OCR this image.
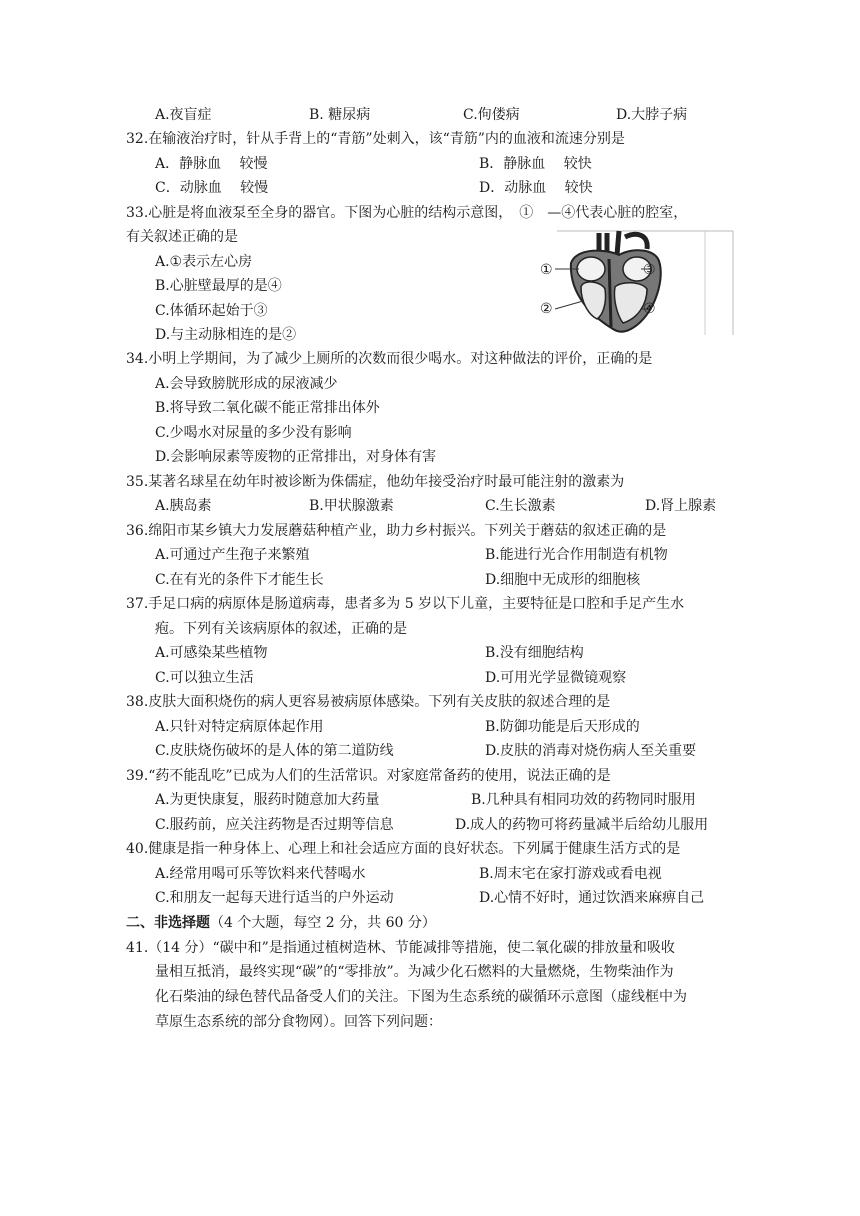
A.夜盲症	B. 糖尿病	C.佝偻病	D.大脖子病
32.在输液治疗时，针从手背上的“青筋”处刺入，该“青筋”内的血液和流速分别是
A．静脉血　 较慢	B．静脉血　 较快
C．动脉血　 较慢	D．动脉血　 较快
33.心脏是将血液泵至全身的器官。下图为心脏的结构示意图，　①　—④代表心脏的腔室，
有关叙述正确的是
A.①表示左心房
B.心脏壁最厚的是④
C.体循环起始于③
D.与主动脉相连的是②
①
②
③
④
34.小明上学期间，为了减少上厕所的次数而很少喝水。对这种做法的评价，正确的是
A.会导致膀胱形成的尿液减少
B.将导致二氧化碳不能正常排出体外
C.少喝水对尿量的多少没有影响
D.会影响尿素等废物的正常排出，对身体有害
35.某著名球星在幼年时被诊断为侏儒症，他幼年接受治疗时最可能注射的激素为
A.胰岛素	B.甲状腺激素	C.生长激素	D.肾上腺素
36.绵阳市某乡镇大力发展蘑菇种植产业，助力乡村振兴。下列关于蘑菇的叙述正确的是
A.可通过产生孢子来繁殖	B.能进行光合作用制造有机物
C.在有光的条件下才能生长	D.细胞中无成形的细胞核
37.手足口病的病原体是肠道病毒，患者多为 5 岁以下儿童，主要特征是口腔和手足产生水
疱。下列有关该病原体的叙述，正确的是
A.可感染某些植物	B.没有细胞结构
C.可以独立生活	D.可用光学显微镜观察
38.皮肤大面积烧伤的病人更容易被病原体感染。下列有关皮肤的叙述合理的是
A.只针对特定病原体起作用	B.防御功能是后天形成的
C.皮肤烧伤破坏的是人体的第二道防线	D.皮肤的消毒对烧伤病人至关重要
39.“药不能乱吃”已成为人们的生活常识。对家庭常备药的使用，说法正确的是
A.为更快康复，服药时随意加大药量	B.几种具有相同功效的药物同时服用
C.服药前，应关注药物是否过期等信息	D.成人的药物可将药量减半后给幼儿服用
40.健康是指一种身体上、心理上和社会适应方面的良好状态。下列属于健康生活方式的是
A.经常用喝可乐等饮料来代替喝水	B.周末宅在家打游戏或看电视
C.和朋友一起每天进行适当的户外运动	D.心情不好时，通过饮酒来麻痹自己
二、非选择题（4 个大题，每空 2 分，共 60 分）
41.（14 分）“碳中和”是指通过植树造林、节能减排等措施，使二氧化碳的排放量和吸收
量相互抵消，最终实现“碳”的“零排放”。为减少化石燃料的大量燃烧，生物柴油作为
化石柴油的绿色替代品备受人们的关注。下图为生态系统的碳循环示意图（虚线框中为
草原生态系统的部分食物网）。回答下列问题：
